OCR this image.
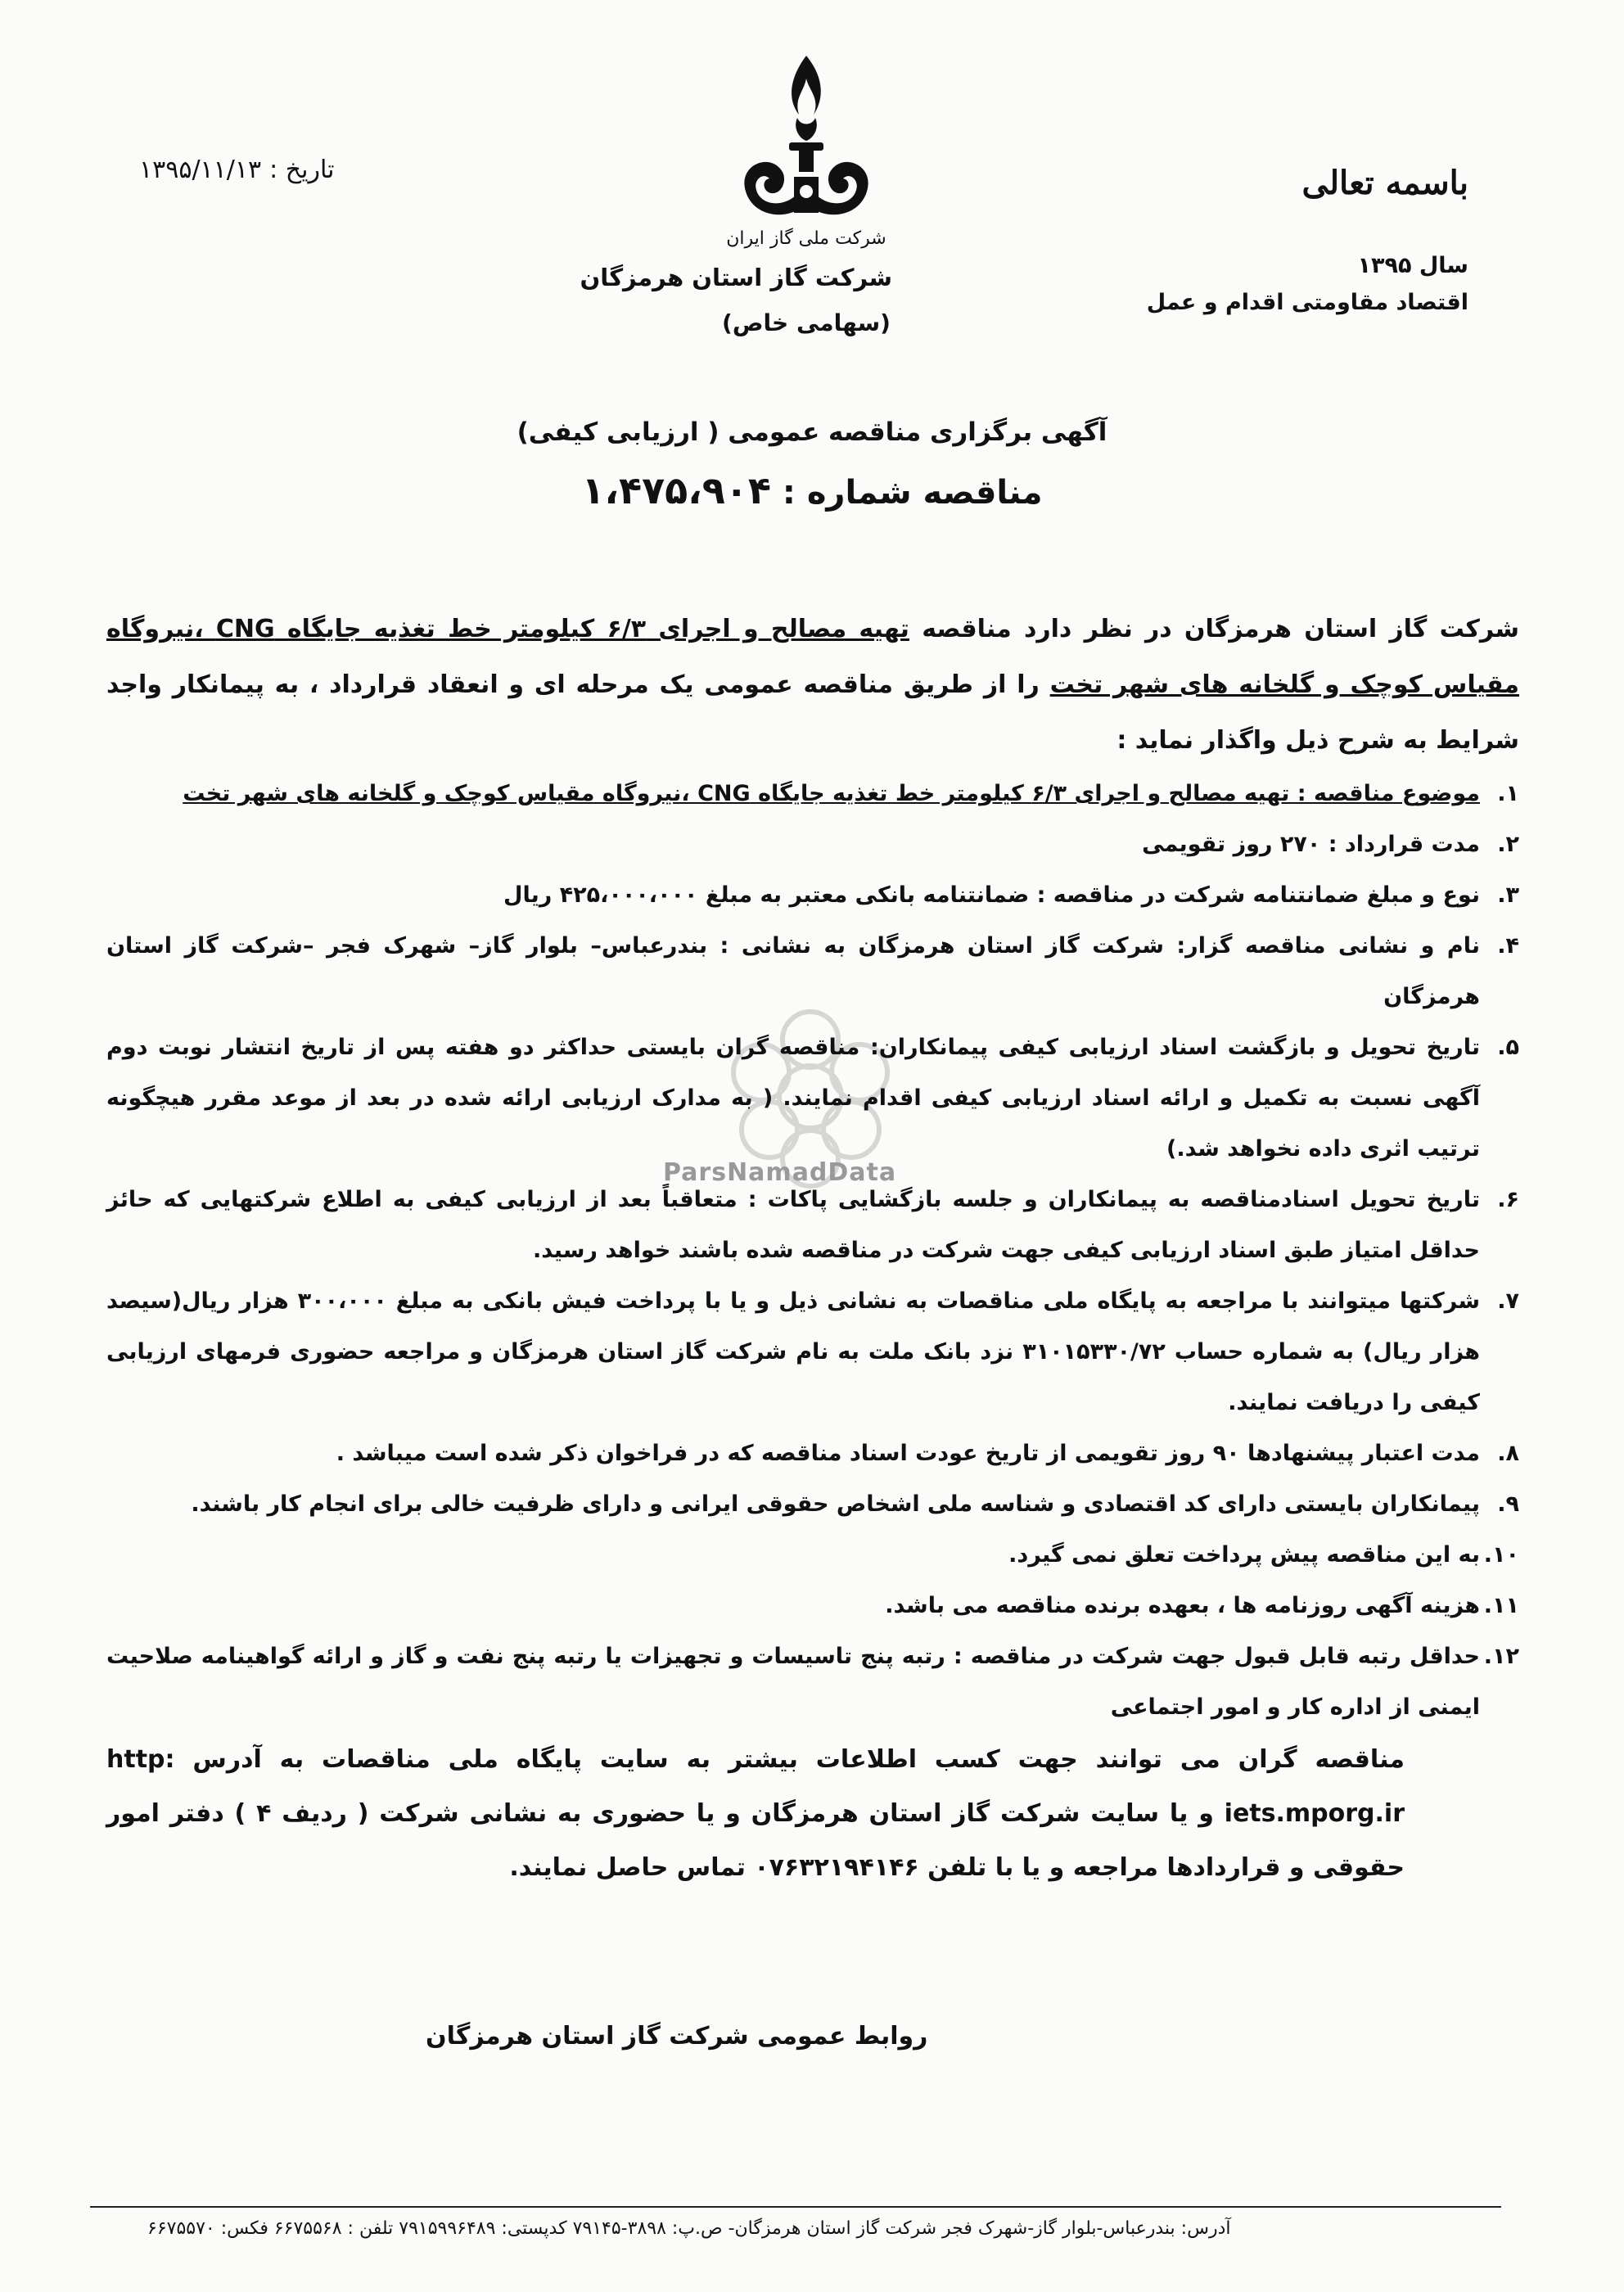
باسمه تعالی
سال ۱۳۹۵
اقتصاد مقاومتی اقدام و عمل
تاریخ :۱۳۹۵/۱۱/۱۳
شرکت ملی گاز ایران
شرکت گاز استان هرمزگان
(سهامی خاص)
آگهی برگزاری مناقصه عمومی ( ارزیابی کیفی)
مناقصه شماره : ۱،۴۷۵،۹۰۴
ParsNamadData
شرکت گاز استان هرمزگان در نظر دارد مناقصه تهیه مصالح و اجرای ۶/۳ کیلومتر خط تغذیه جایگاه CNG ،نیروگاه مقیاس کوچک و گلخانه های شهر تخت را از طریق مناقصه عمومی یک مرحله ای و انعقاد قرارداد ، به پیمانکار واجد شرایط به شرح ذیل واگذار نماید :
۱.
موضوع مناقصه : تهیه مصالح و اجرای ۶/۳ کیلومتر خط تغذیه جایگاه CNG ،نیروگاه مقیاس کوچک و گلخانه های شهر تخت
۲.
مدت قرارداد : ۲۷۰ روز تقویمی
۳.
نوع و مبلغ ضمانتنامه شرکت در مناقصه : ضمانتنامه بانکی معتبر به مبلغ ۴۲۵،۰۰۰،۰۰۰ ریال
۴.
نام و نشانی مناقصه گزار: شرکت گاز استان هرمزگان به نشانی : بندرعباس– بلوار گاز– شهرک فجر –شرکت گاز استان هرمزگان
۵.
تاریخ تحویل و بازگشت اسناد ارزیابی کیفی پیمانکاران: مناقصه گران بایستی حداکثر دو هفته پس از تاریخ انتشار نوبت دوم آگهی نسبت به تکمیل و ارائه اسناد ارزیابی کیفی اقدام نمایند. ( به مدارک ارزیابی ارائه شده در بعد از موعد مقرر هیچگونه ترتیب اثری داده نخواهد شد.)
۶.
تاریخ تحویل اسنادمناقصه به پیمانکاران و جلسه بازگشایی پاکات : متعاقباً بعد از ارزیابی کیفی به اطلاع شرکتهایی که حائز حداقل امتیاز طبق اسناد ارزیابی کیفی جهت شرکت در مناقصه شده باشند خواهد رسید.
۷.
شرکتها میتوانند با مراجعه به پایگاه ملی مناقصات به نشانی ذیل و یا با پرداخت فیش بانکی به مبلغ ۳۰۰،۰۰۰ هزار ریال(سیصد هزار ریال) به شماره حساب ۳۱۰۱۵۳۳۰/۷۲ نزد بانک ملت به نام شرکت گاز استان هرمزگان و مراجعه حضوری فرمهای ارزیابی کیفی را دریافت نمایند.
۸.
مدت اعتبار پیشنهادها ۹۰ روز تقویمی از تاریخ عودت اسناد مناقصه که در فراخوان ذکر شده است میباشد .
۹.
پیمانکاران بایستی دارای کد اقتصادی و شناسه ملی اشخاص حقوقی ایرانی و دارای ظرفیت خالی برای انجام کار باشند.
۱۰.
به این مناقصه پیش پرداخت تعلق نمی گیرد.
۱۱.
هزینه آگهی روزنامه ها ، بعهده برنده مناقصه می باشد.
۱۲.
حداقل رتبه قابل قبول جهت شرکت در مناقصه : رتبه پنج تاسیسات و تجهیزات یا رتبه پنج نفت و گاز و ارائه گواهینامه صلاحیت ایمنی از اداره کار و امور اجتماعی
مناقصه گران می توانند جهت کسب اطلاعات بیشتر به سایت پایگاه ملی مناقصات به آدرس http: iets.mporg.ir و یا سایت شرکت گاز استان هرمزگان و یا حضوری به نشانی شرکت ( ردیف ۴ ) دفتر امور حقوقی و قراردادها مراجعه و یا با تلفن ۰۷۶۳۲۱۹۴۱۴۶ تماس حاصل نمایند.
روابط عمومی شرکت گاز استان هرمزگان
آدرس: بندرعباس-بلوار گاز-شهرک فجر شرکت گاز استان هرمزگان- ص.پ: ۳۸۹۸-۷۹۱۴۵ کدپستی: ۷۹۱۵۹۹۶۴۸۹ تلفن : ۶۶۷۵۵۶۸ فکس: ۶۶۷۵۵۷۰
